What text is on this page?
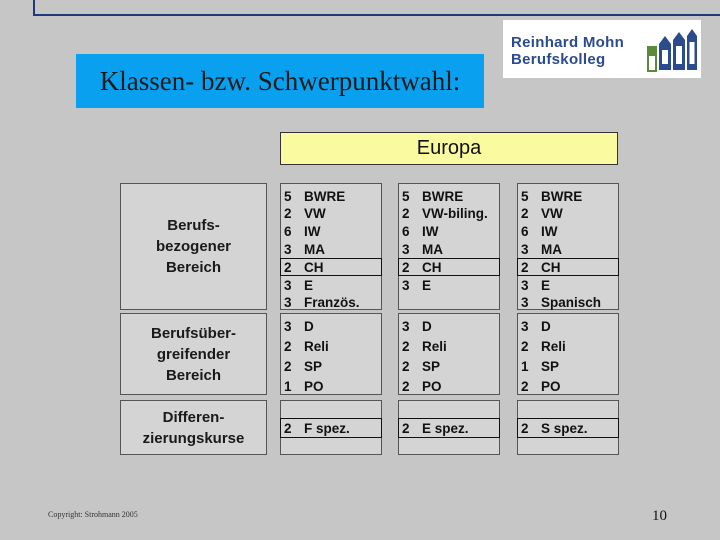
Klassen- bzw. Schwerpunktwahl:
Reinhard Mohn
Berufskolleg
Europa
Berufs-
bezogener
Bereich
Berufsüber-
greifender
Bereich
Differen-
zierungskurse
5 BWRE
2 VW
6 IW
3 MA
2 CH
3 E
3 Französ.
3 D
2 Reli
2 SP
1 PO
2 F spez.
5 BWRE
2 VW-biling.
6 IW
3 MA
2 CH
3 E
3 D
2 Reli
2 SP
2 PO
2 E spez.
5 BWRE
2 VW
6 IW
3 MA
2 CH
3 E
3 Spanisch
3 D
2 Reli
1 SP
2 PO
2 S spez.
Copyright: Strohmann 2005	10
